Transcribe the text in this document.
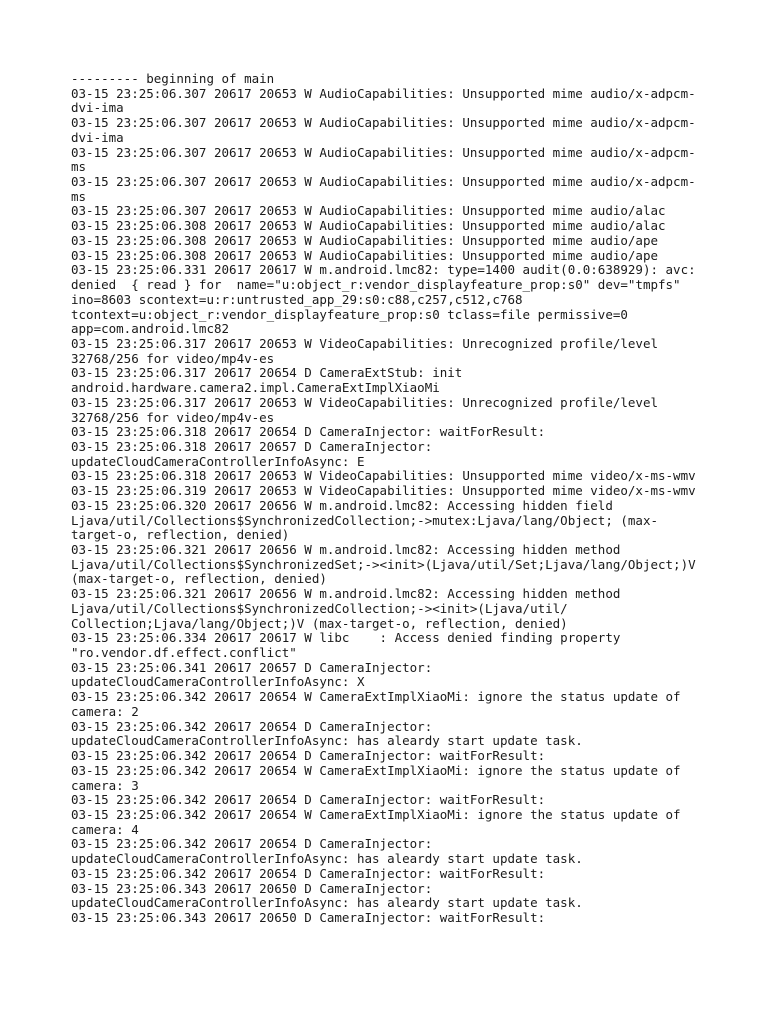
--------- beginning of main
03-15 23:25:06.307 20617 20653 W AudioCapabilities: Unsupported mime audio/x-adpcm-
dvi-ima
03-15 23:25:06.307 20617 20653 W AudioCapabilities: Unsupported mime audio/x-adpcm-
dvi-ima
03-15 23:25:06.307 20617 20653 W AudioCapabilities: Unsupported mime audio/x-adpcm-
ms
03-15 23:25:06.307 20617 20653 W AudioCapabilities: Unsupported mime audio/x-adpcm-
ms
03-15 23:25:06.307 20617 20653 W AudioCapabilities: Unsupported mime audio/alac
03-15 23:25:06.308 20617 20653 W AudioCapabilities: Unsupported mime audio/alac
03-15 23:25:06.308 20617 20653 W AudioCapabilities: Unsupported mime audio/ape
03-15 23:25:06.308 20617 20653 W AudioCapabilities: Unsupported mime audio/ape
03-15 23:25:06.331 20617 20617 W m.android.lmc82: type=1400 audit(0.0:638929): avc:
denied  { read } for  name="u:object_r:vendor_displayfeature_prop:s0" dev="tmpfs"
ino=8603 scontext=u:r:untrusted_app_29:s0:c88,c257,c512,c768
tcontext=u:object_r:vendor_displayfeature_prop:s0 tclass=file permissive=0
app=com.android.lmc82
03-15 23:25:06.317 20617 20653 W VideoCapabilities: Unrecognized profile/level
32768/256 for video/mp4v-es
03-15 23:25:06.317 20617 20654 D CameraExtStub: init
android.hardware.camera2.impl.CameraExtImplXiaoMi
03-15 23:25:06.317 20617 20653 W VideoCapabilities: Unrecognized profile/level
32768/256 for video/mp4v-es
03-15 23:25:06.318 20617 20654 D CameraInjector: waitForResult:
03-15 23:25:06.318 20617 20657 D CameraInjector:
updateCloudCameraControllerInfoAsync: E
03-15 23:25:06.318 20617 20653 W VideoCapabilities: Unsupported mime video/x-ms-wmv
03-15 23:25:06.319 20617 20653 W VideoCapabilities: Unsupported mime video/x-ms-wmv
03-15 23:25:06.320 20617 20656 W m.android.lmc82: Accessing hidden field
Ljava/util/Collections$SynchronizedCollection;->mutex:Ljava/lang/Object; (max-
target-o, reflection, denied)
03-15 23:25:06.321 20617 20656 W m.android.lmc82: Accessing hidden method
Ljava/util/Collections$SynchronizedSet;-><init>(Ljava/util/Set;Ljava/lang/Object;)V
(max-target-o, reflection, denied)
03-15 23:25:06.321 20617 20656 W m.android.lmc82: Accessing hidden method
Ljava/util/Collections$SynchronizedCollection;-><init>(Ljava/util/
Collection;Ljava/lang/Object;)V (max-target-o, reflection, denied)
03-15 23:25:06.334 20617 20617 W libc    : Access denied finding property
"ro.vendor.df.effect.conflict"
03-15 23:25:06.341 20617 20657 D CameraInjector:
updateCloudCameraControllerInfoAsync: X
03-15 23:25:06.342 20617 20654 W CameraExtImplXiaoMi: ignore the status update of
camera: 2
03-15 23:25:06.342 20617 20654 D CameraInjector:
updateCloudCameraControllerInfoAsync: has aleardy start update task.
03-15 23:25:06.342 20617 20654 D CameraInjector: waitForResult:
03-15 23:25:06.342 20617 20654 W CameraExtImplXiaoMi: ignore the status update of
camera: 3
03-15 23:25:06.342 20617 20654 D CameraInjector: waitForResult:
03-15 23:25:06.342 20617 20654 W CameraExtImplXiaoMi: ignore the status update of
camera: 4
03-15 23:25:06.342 20617 20654 D CameraInjector:
updateCloudCameraControllerInfoAsync: has aleardy start update task.
03-15 23:25:06.342 20617 20654 D CameraInjector: waitForResult:
03-15 23:25:06.343 20617 20650 D CameraInjector:
updateCloudCameraControllerInfoAsync: has aleardy start update task.
03-15 23:25:06.343 20617 20650 D CameraInjector: waitForResult:
